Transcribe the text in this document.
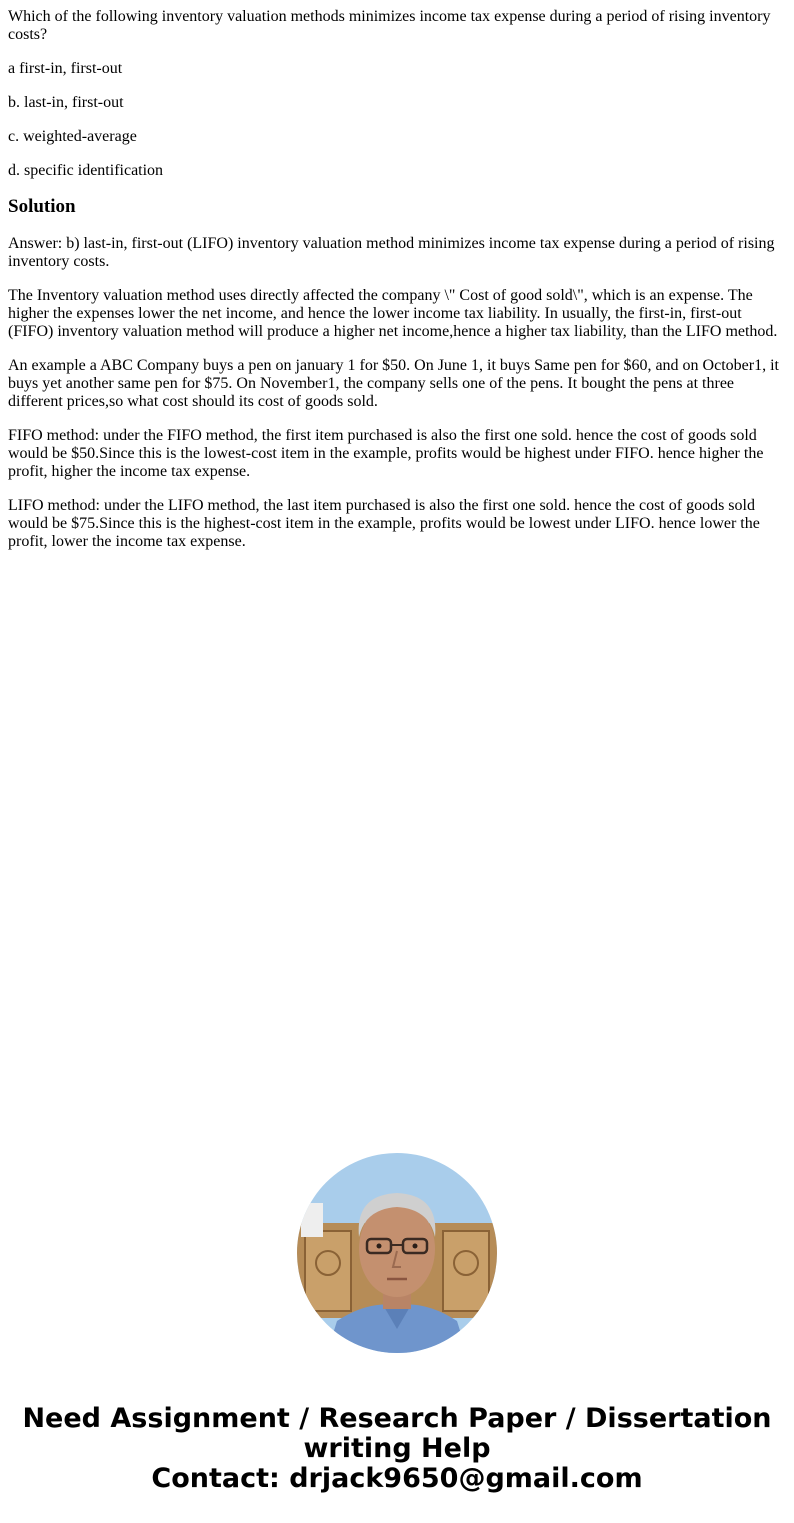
Which of the following inventory valuation methods minimizes income tax expense during a period of rising inventory costs?

a first-in, first-out

b. last-in, first-out

c. weighted-average

d. specific identification

Solution

Answer: b) last-in, first-out (LIFO) inventory valuation method minimizes income tax expense during a period of rising inventory costs.

The Inventory valuation method uses directly affected the company \" Cost of good sold\", which is an expense. The higher the expenses lower the net income, and hence the lower income tax liability. In usually, the first-in, first-out (FIFO) inventory valuation method will produce a higher net income,hence a higher tax liability, than the LIFO method.

An example a ABC Company buys a pen on january 1 for $50. On June 1, it buys Same pen for $60, and on October1, it buys yet another same pen for $75. On November1, the company sells one of the pens. It bought the pens at three different prices,so what cost should its cost of goods sold.

FIFO method: under the FIFO method, the first item purchased is also the first one sold. hence the cost of goods sold would be $50.Since this is the lowest-cost item in the example, profits would be highest under FIFO. hence higher the profit, higher the income tax expense.

LIFO method: under the LIFO method, the last item purchased is also the first one sold. hence the cost of goods sold would be $75.Since this is the highest-cost item in the example, profits would be lowest under LIFO. hence lower the profit, lower the income tax expense.

Need Assignment / Research Paper / Dissertation
writing Help
Contact: drjack9650@gmail.com
